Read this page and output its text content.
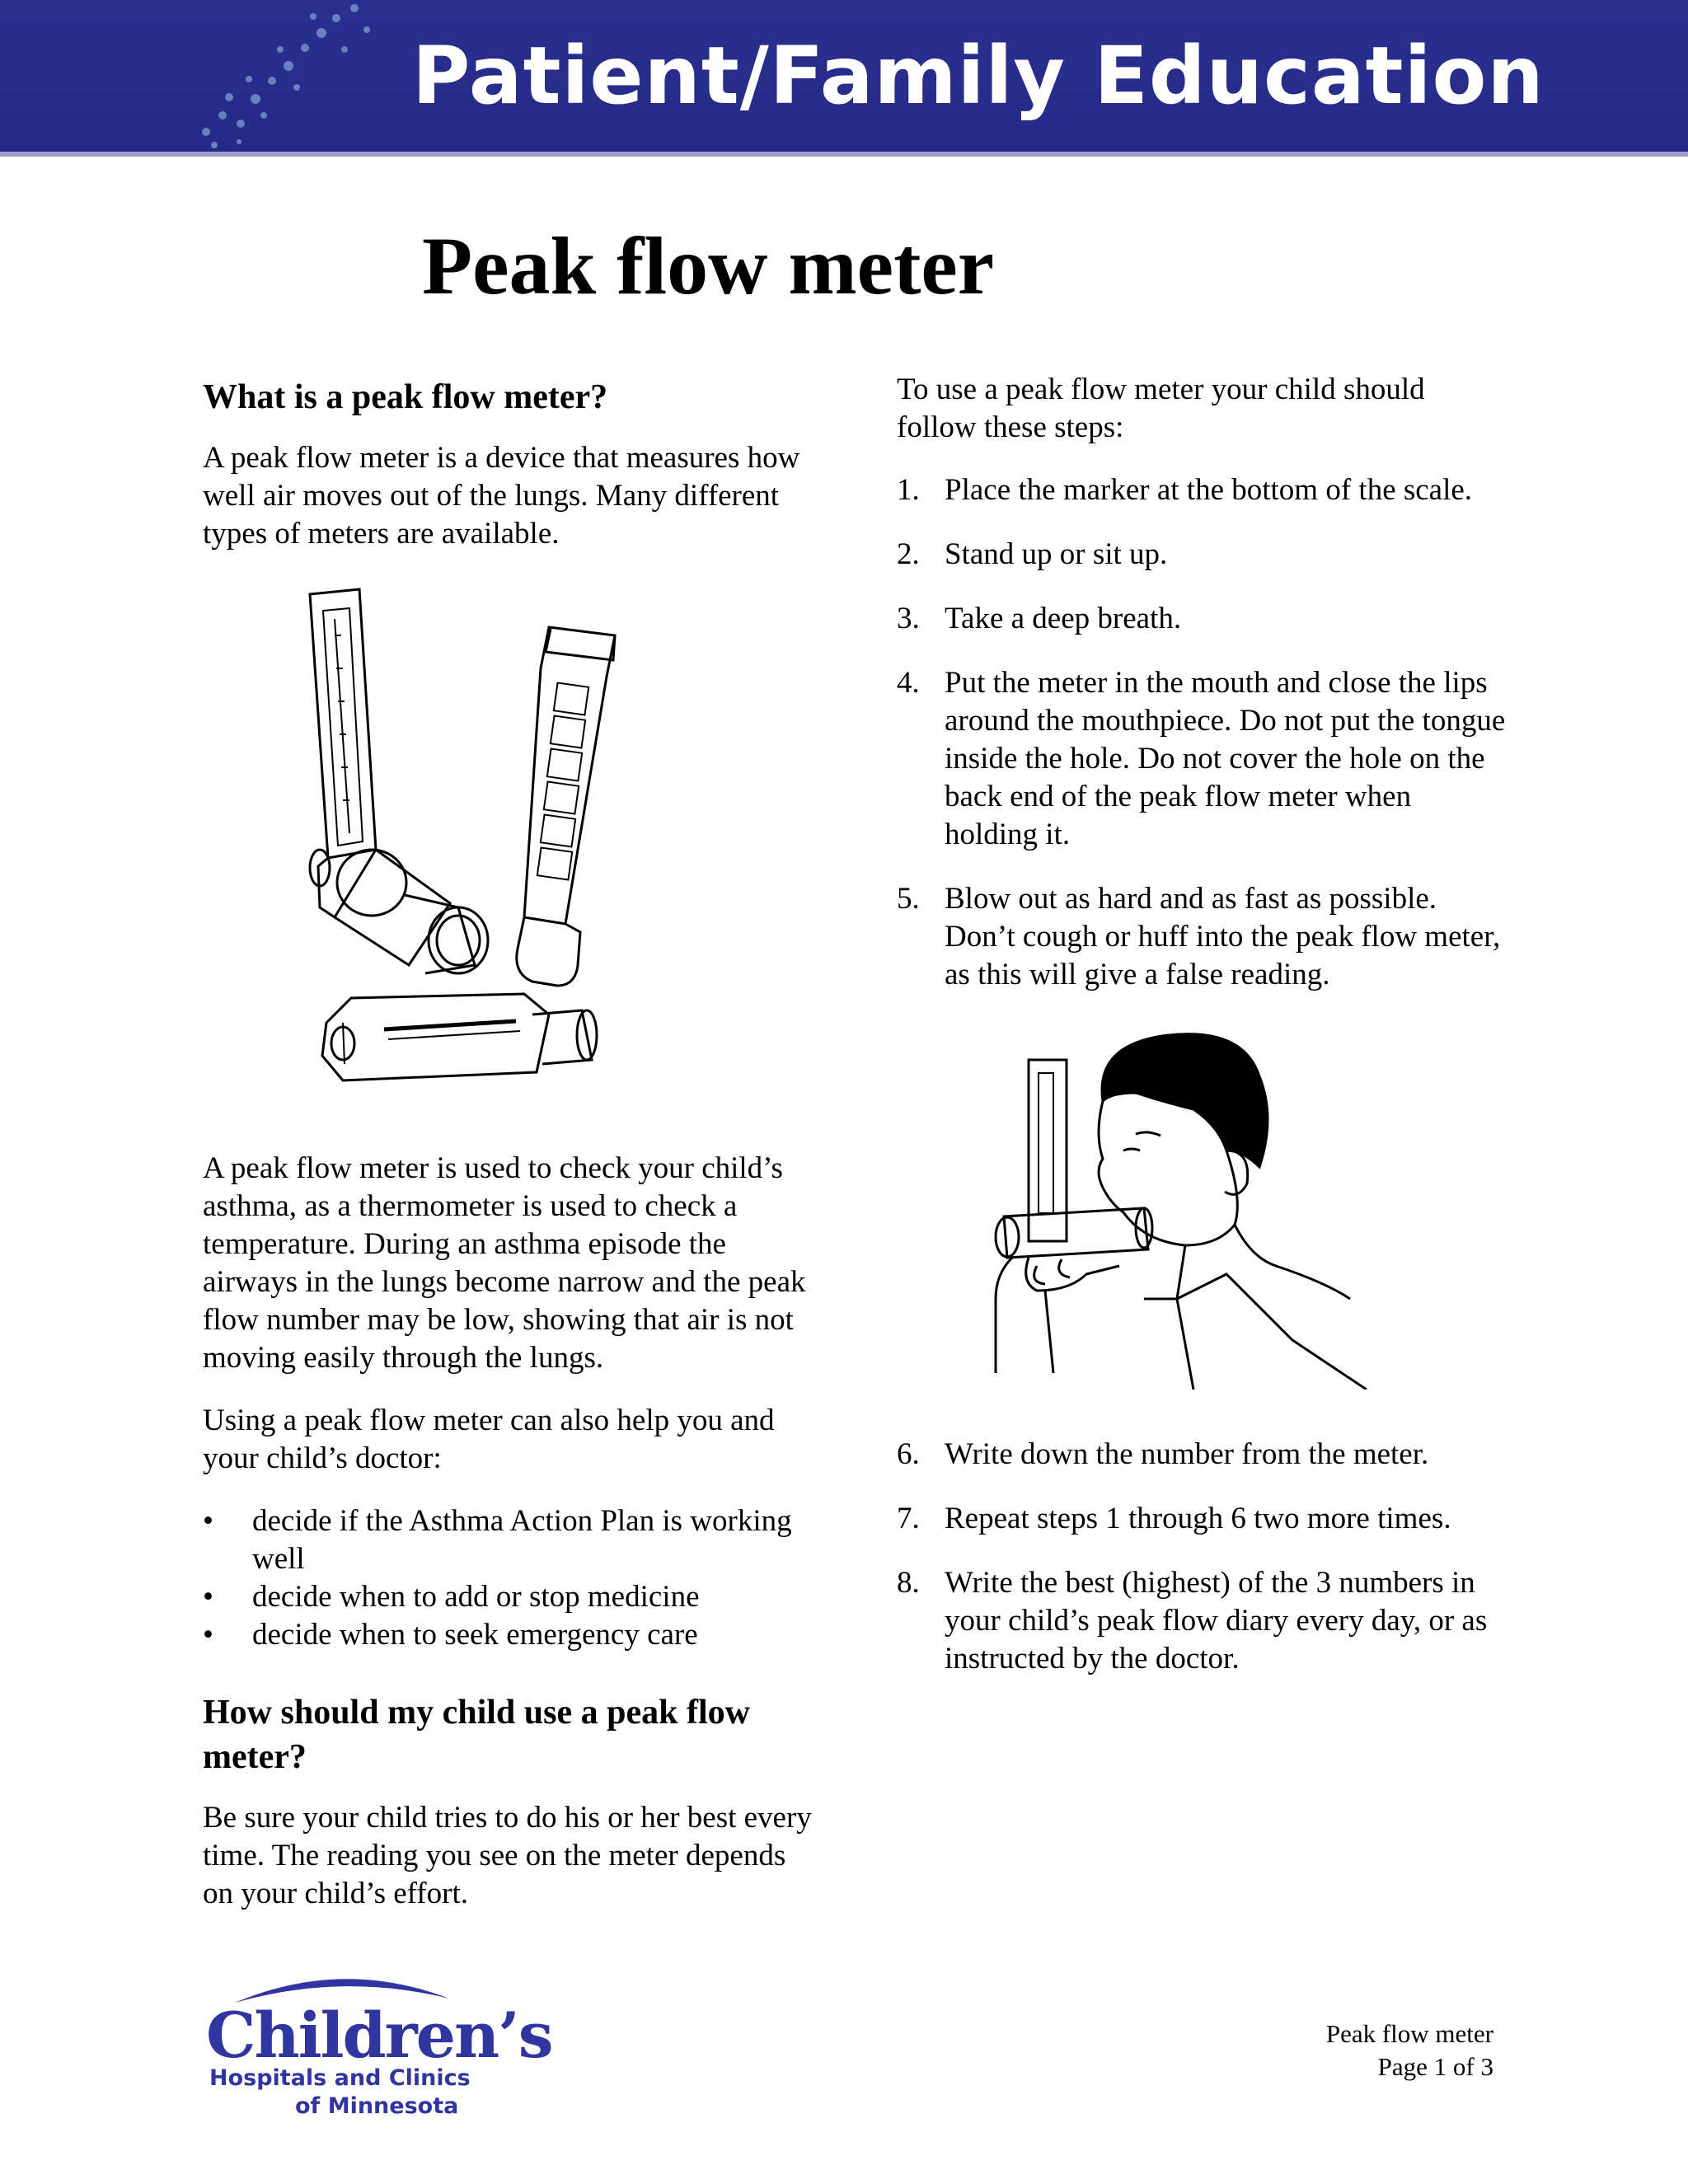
Patient/Family Education
Peak flow meter
What is a peak flow meter?

A peak flow meter is a device that measures how well air moves out of the lungs. Many different types of meters are available.

A peak flow meter is used to check your child’s asthma, as a thermometer is used to check a temperature. During an asthma episode the airways in the lungs become narrow and the peak flow number may be low, showing that air is not moving easily through the lungs.

Using a peak flow meter can also help you and your child’s doctor:

• decide if the Asthma Action Plan is working well
• decide when to add or stop medicine
• decide when to seek emergency care
How should my child use a peak flow meter?

Be sure your child tries to do his or her best every time. The reading you see on the meter depends on your child’s effort.

To use a peak flow meter your child should follow these steps:

1. Place the marker at the bottom of the scale.
2. Stand up or sit up.
3. Take a deep breath.
4. Put the meter in the mouth and close the lips around the mouthpiece. Do not put the tongue inside the hole. Do not cover the hole on the back end of the peak flow meter when holding it.
5. Blow out as hard and as fast as possible. Don’t cough or huff into the peak flow meter, as this will give a false reading.
6. Write down the number from the meter.
7. Repeat steps 1 through 6 two more times.
8. Write the best (highest) of the 3 numbers in your child’s peak flow diary every day, or as instructed by the doctor.
Children’s
Hospitals and Clinics
of Minnesota
Peak flow meter
Page 1 of 3
